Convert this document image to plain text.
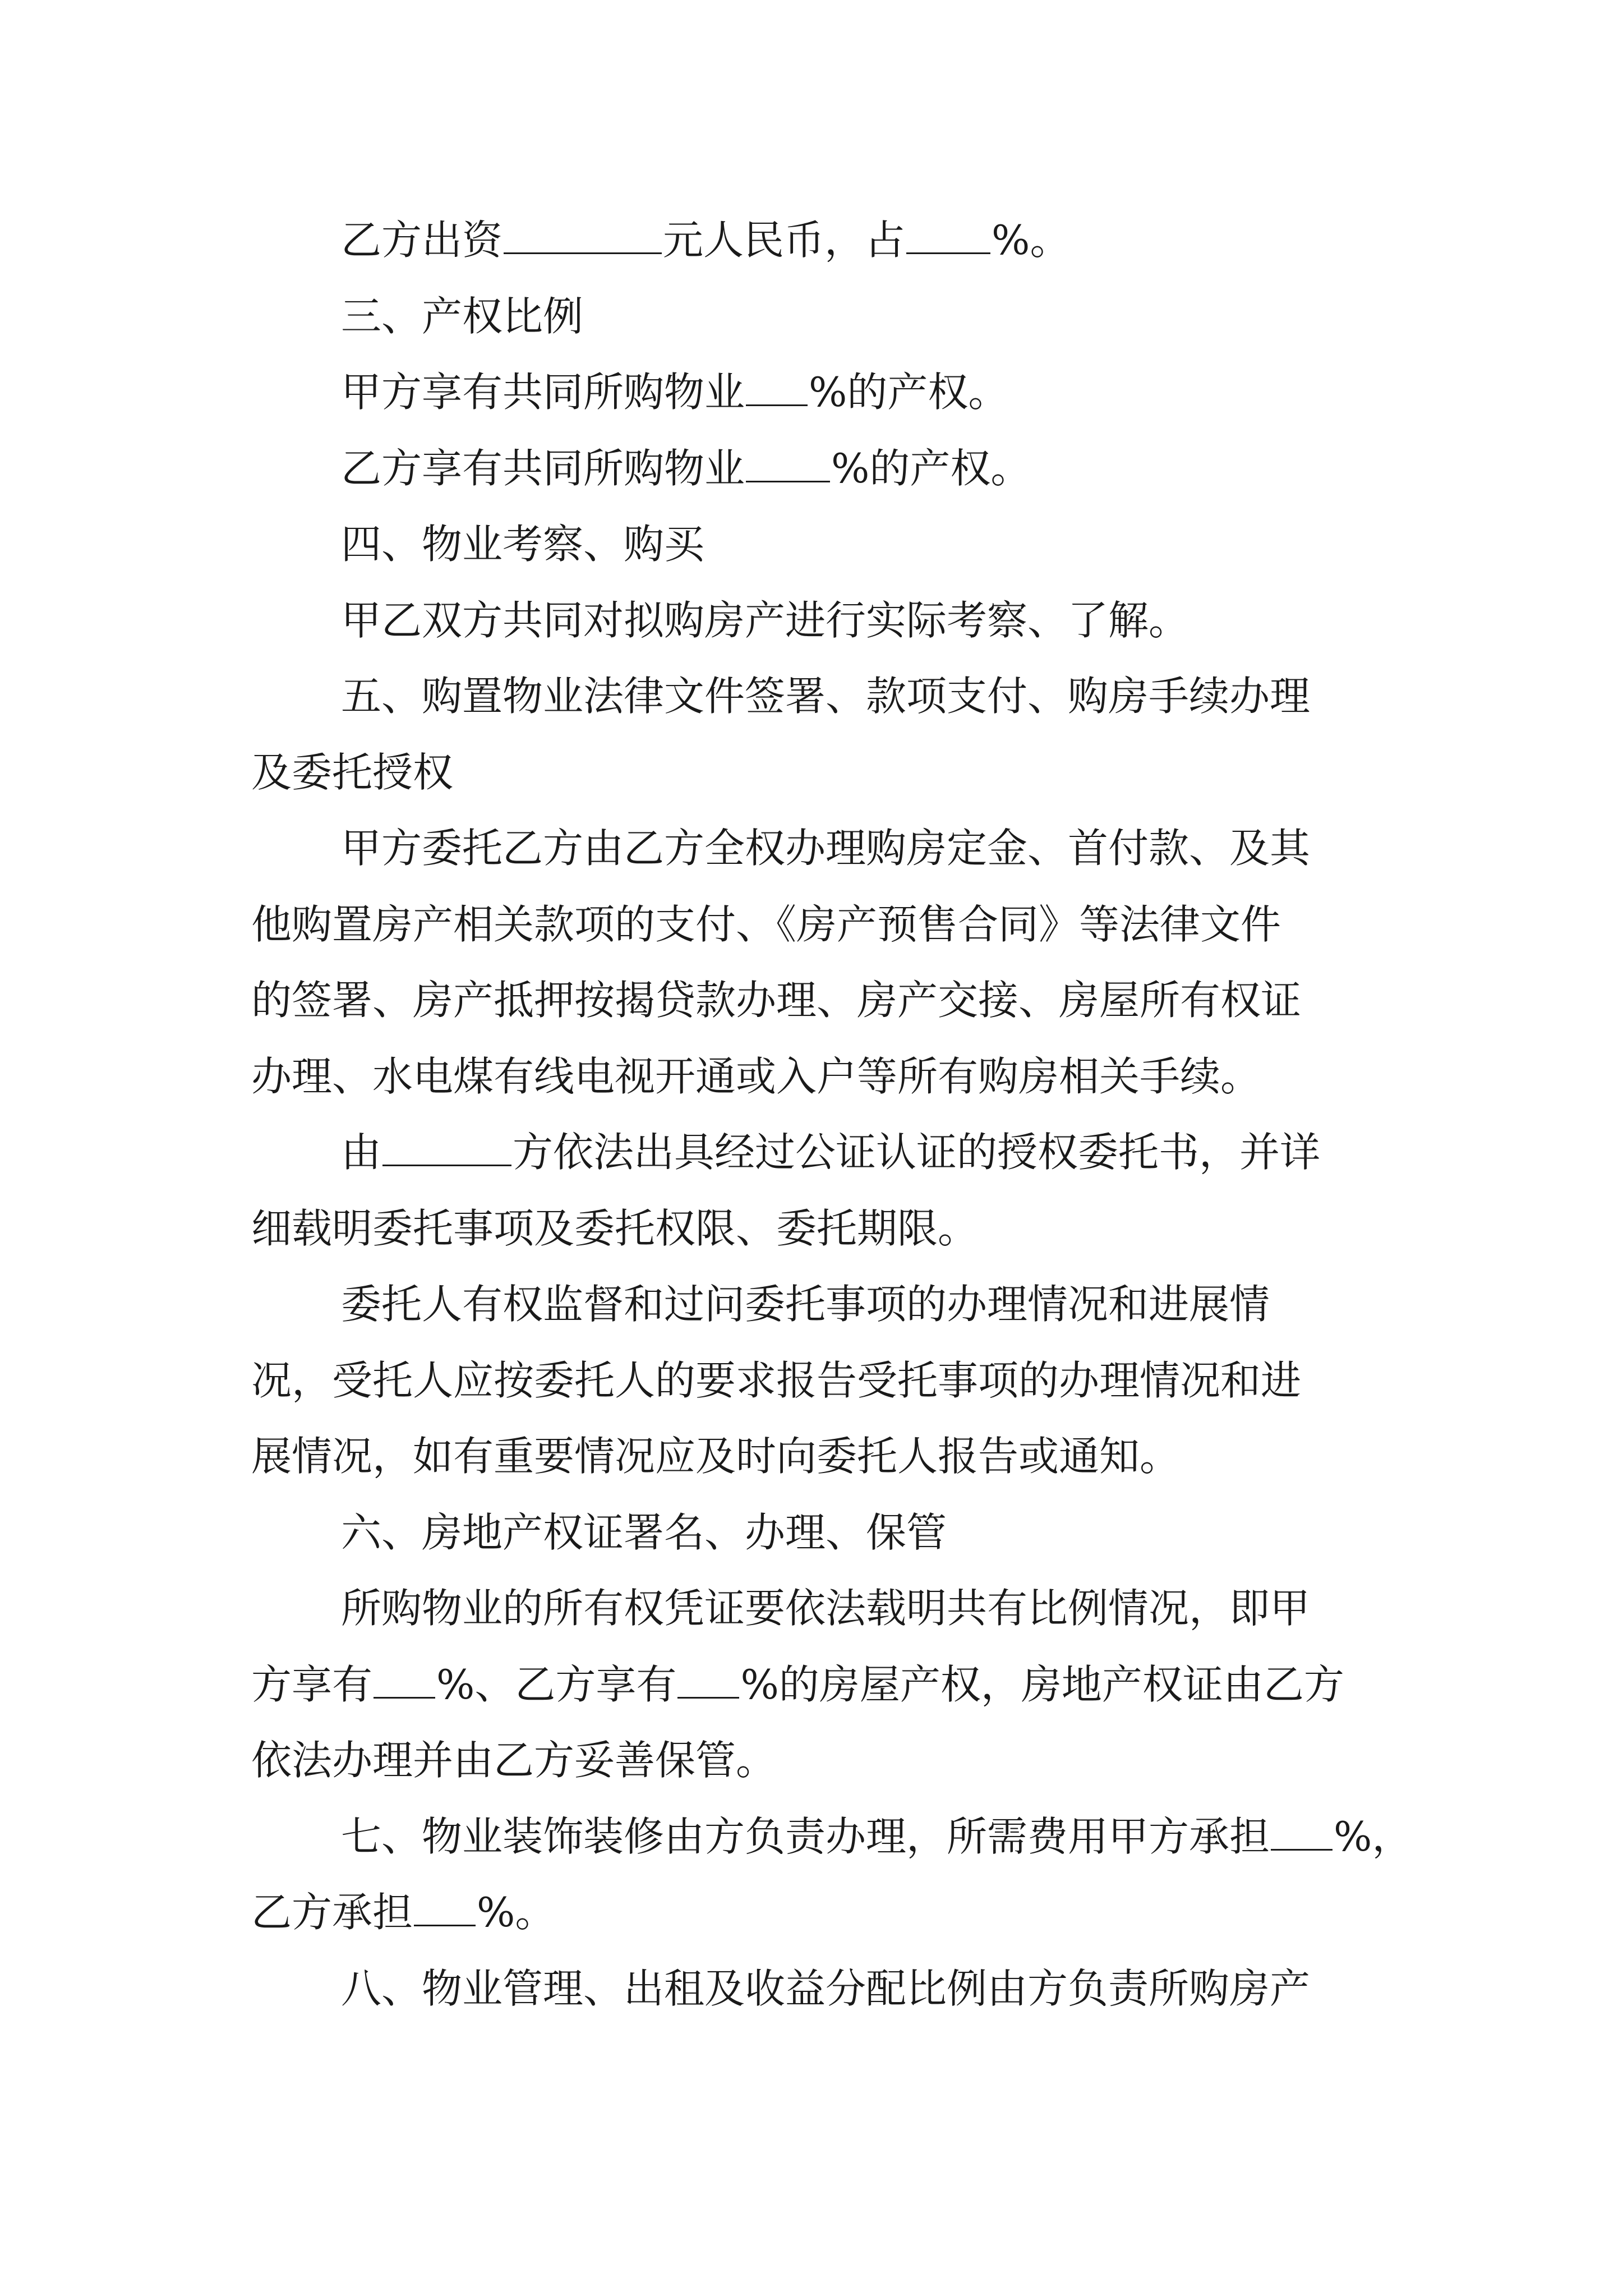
乙方出资	元人民币，占 %。
三、产权比例
甲方享有共同所购物业 %的产权。
乙方享有共同所购物业 %的产权。
四、物业考察、购买
甲乙双方共同对拟购房产进行实际考察、了解。
五、购置物业法律文件签署、款项支付、购房手续办理
及委托授权
甲方委托乙方由乙方全权办理购房定金、首付款、及其
他购置房产相关款项的支付、《房产预售合同》等法律文件
的签署、房产抵押按揭贷款办理、房产交接、房屋所有权证
办理、水电煤有线电视开通或入户等所有购房相关手续。
由	方依法出具经过公证认证的授权委托书，并详
细载明委托事项及委托权限、委托期限。
委托人有权监督和过问委托事项的办理情况和进展情
况，受托人应按委托人的要求报告受托事项的办理情况和进
展情况，如有重要情况应及时向委托人报告或通知。
六、房地产权证署名、办理、保管
所购物业的所有权凭证要依法载明共有比例情况，即甲
方享有 %、乙方享有 %的房屋产权，房地产权证由乙方
依法办理并由乙方妥善保管。
七、物业装饰装修由方负责办理，所需费用甲方承担 %，
乙方承担 %。
八、物业管理、出租及收益分配比例由方负责所购房产
